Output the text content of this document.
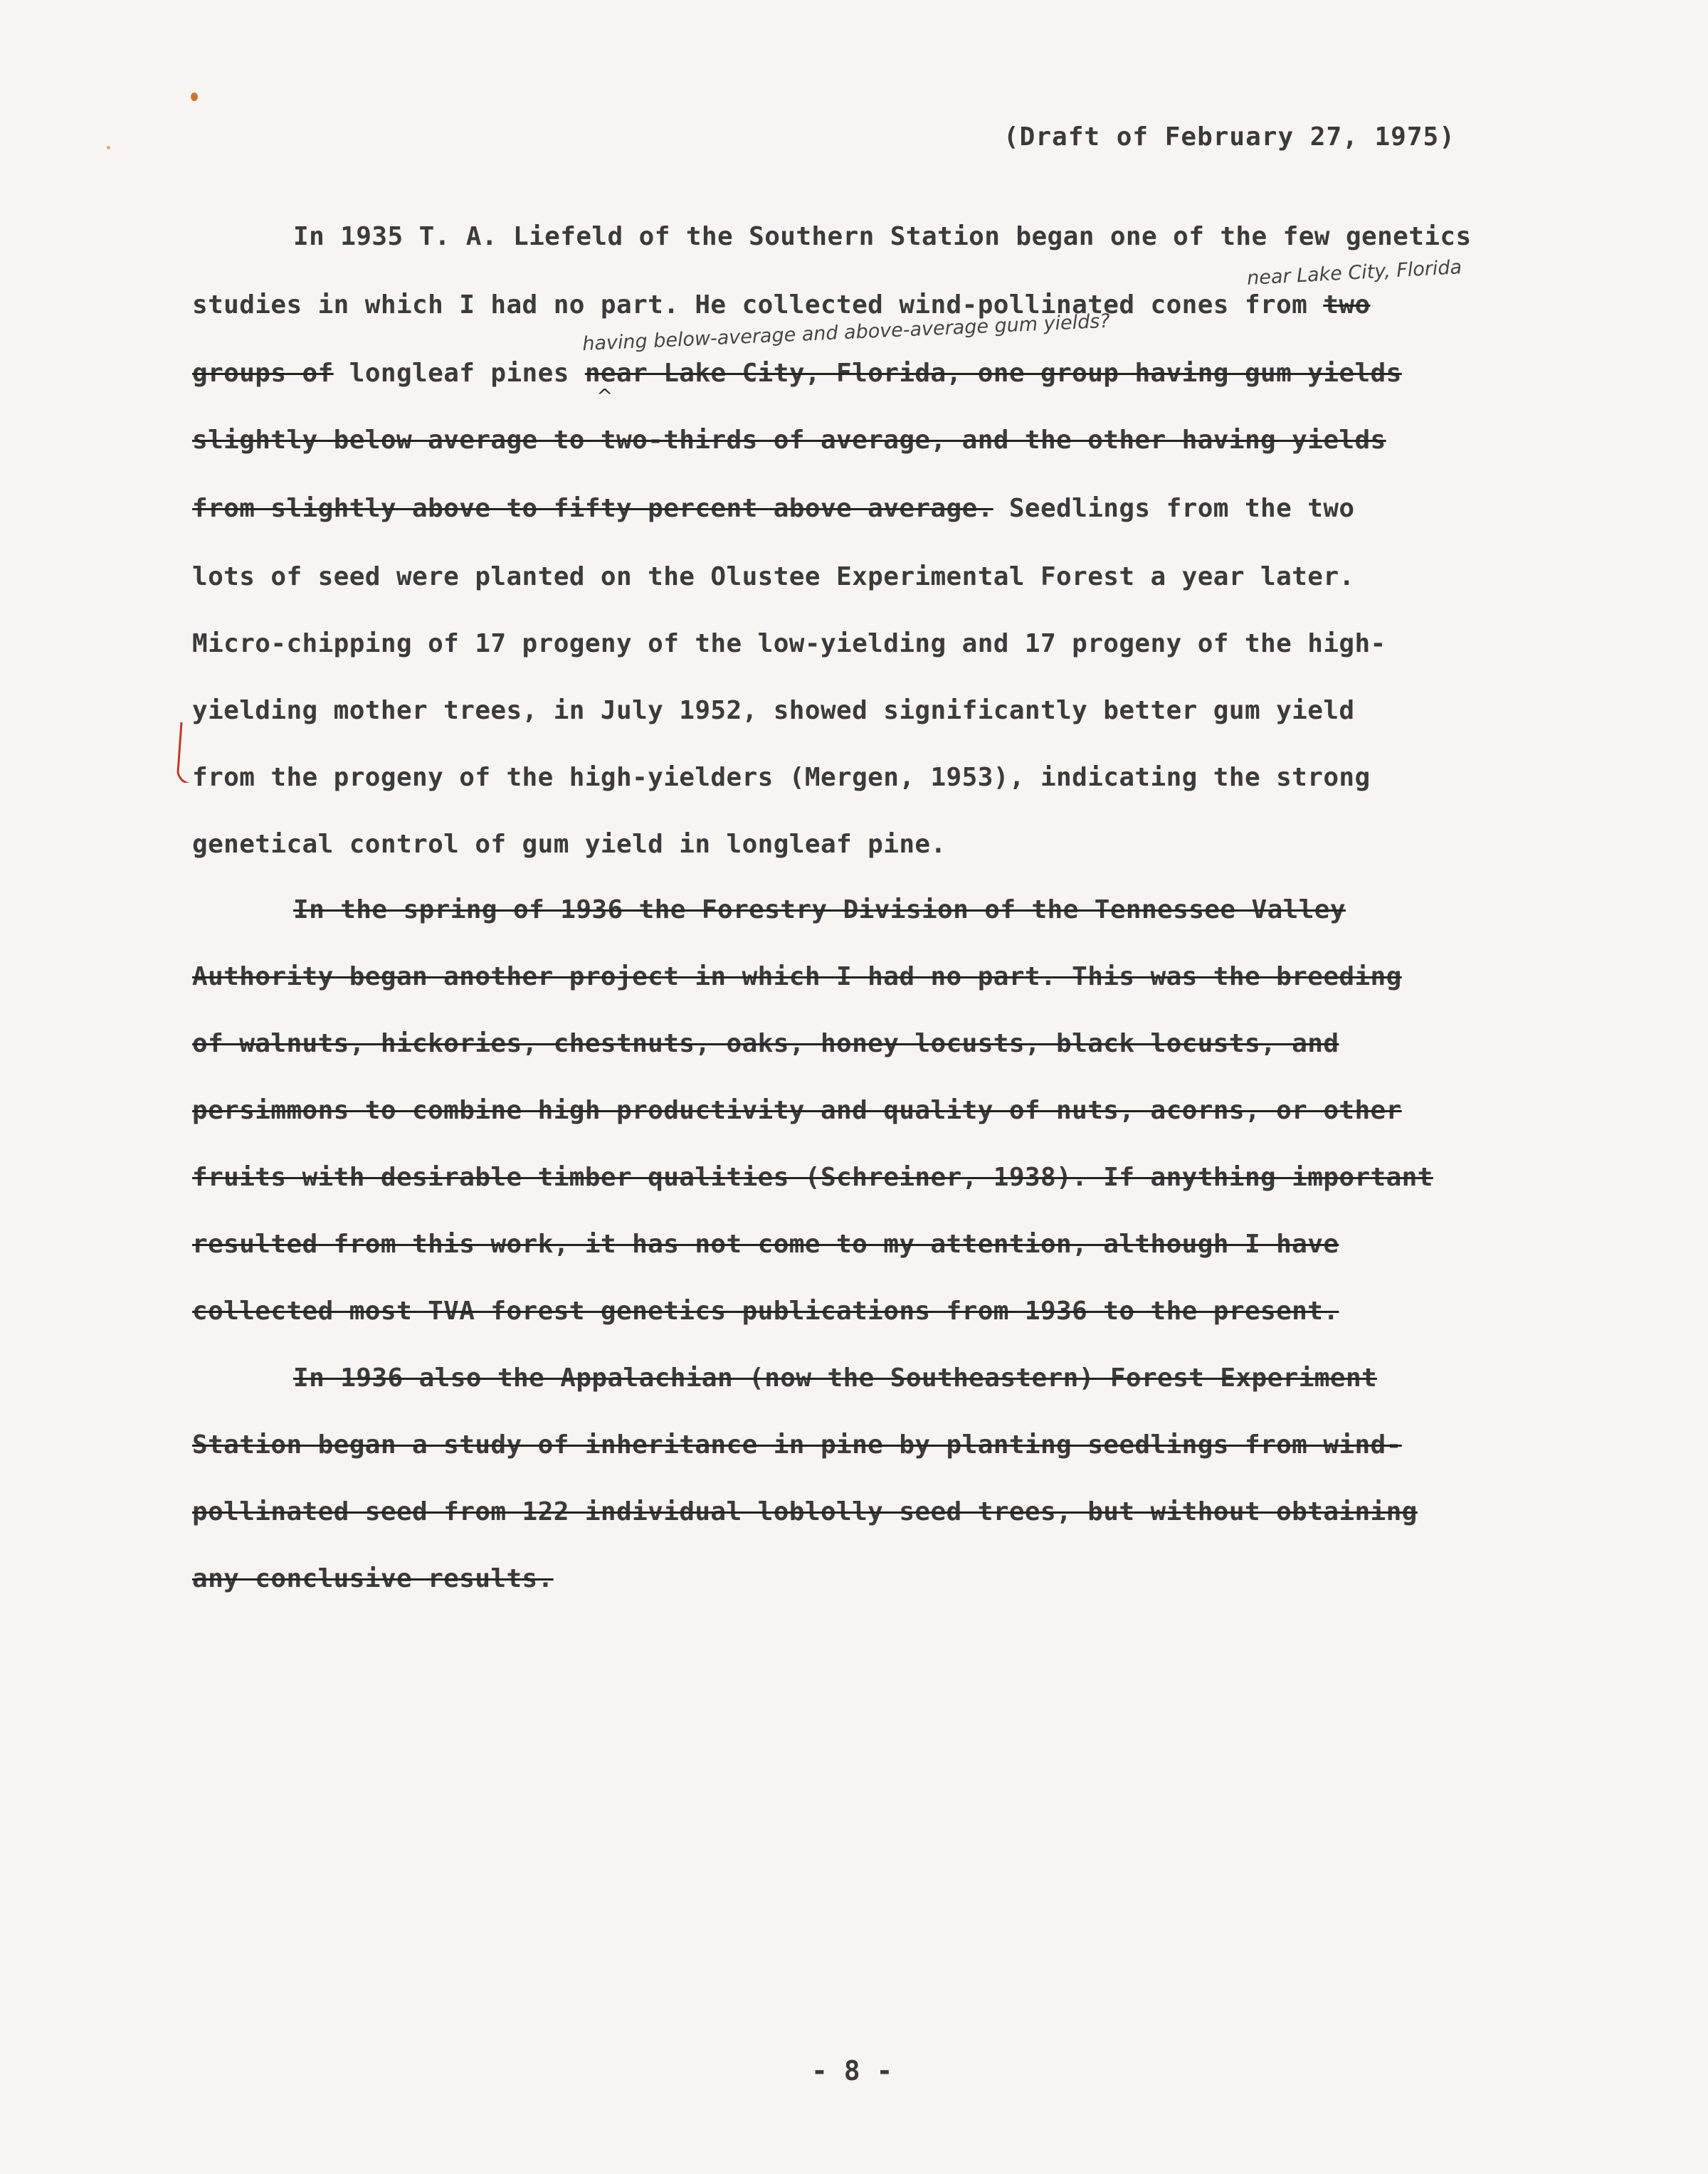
(Draft of February 27, 1975)
In 1935 T. A. Liefeld of the Southern Station began one of the few genetics
near Lake City, Florida
studies in which I had no part. He collected wind-pollinated cones from two
having below-average and above-average gum yields?
^
groups of longleaf pines near Lake City, Florida, one group having gum yields
slightly below average to two-thirds of average, and the other having yields
from slightly above to fifty percent above average. Seedlings from the two
lots of seed were planted on the Olustee Experimental Forest a year later.
Micro-chipping of 17 progeny of the low-yielding and 17 progeny of the high-
yielding mother trees, in July 1952, showed significantly better gum yield
from the progeny of the high-yielders (Mergen, 1953), indicating the strong
genetical control of gum yield in longleaf pine.
In the spring of 1936 the Forestry Division of the Tennessee Valley
Authority began another project in which I had no part. This was the breeding
of walnuts, hickories, chestnuts, oaks, honey locusts, black locusts, and
persimmons to combine high productivity and quality of nuts, acorns, or other
fruits with desirable timber qualities (Schreiner, 1938). If anything important
resulted from this work, it has not come to my attention, although I have
collected most TVA forest genetics publications from 1936 to the present.
In 1936 also the Appalachian (now the Southeastern) Forest Experiment
Station began a study of inheritance in pine by planting seedlings from wind-
pollinated seed from 122 individual loblolly seed trees, but without obtaining
any conclusive results.
- 8 -
